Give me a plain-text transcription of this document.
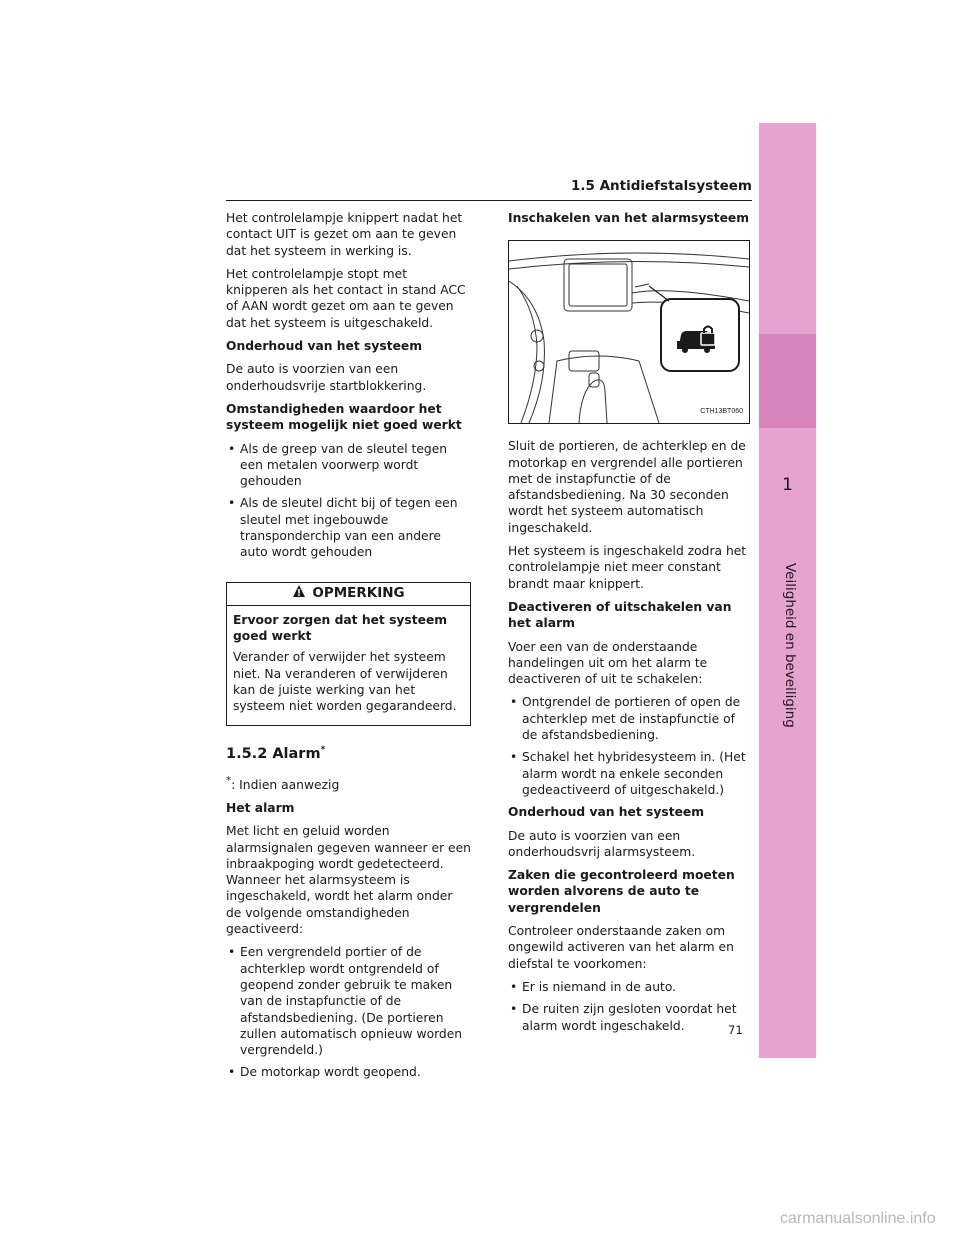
1
Veiligheid en beveiliging
1.5 Antidiefstalsysteem

Het controlelampje knippert nadat het contact UIT is gezet om aan te geven dat het systeem in werking is.

Het controlelampje stopt met knipperen als het contact in stand ACC of AAN wordt gezet om aan te geven dat het systeem is uitgeschakeld.

Onderhoud van het systeem

De auto is voorzien van een onderhoudsvrije startblokkering.

Omstandigheden waardoor het systeem mogelijk niet goed werkt

• Als de greep van de sleutel tegen een metalen voorwerp wordt gehouden
• Als de sleutel dicht bij of tegen een sleutel met ingebouwde transponderchip van een andere auto wordt gehouden
OPMERKING

Ervoor zorgen dat het systeem goed werkt

Verander of verwijder het systeem niet. Na veranderen of verwijderen kan de juiste werking van het systeem niet worden gegarandeerd.

1.5.2 Alarm*

*: Indien aanwezig

Het alarm

Met licht en geluid worden alarmsignalen gegeven wanneer er een inbraakpoging wordt gedetecteerd. Wanneer het alarmsysteem is ingeschakeld, wordt het alarm onder de volgende omstandigheden geactiveerd:

• Een vergrendeld portier of de achterklep wordt ontgrendeld of geopend zonder gebruik te maken van de instapfunctie of de afstandsbediening. (De portieren zullen automatisch opnieuw worden vergrendeld.)
• De motorkap wordt geopend.

Inschakelen van het alarmsysteem

CTH13BT060

Sluit de portieren, de achterklep en de motorkap en vergrendel alle portieren met de instapfunctie of de afstandsbediening. Na 30 seconden wordt het systeem automatisch ingeschakeld.

Het systeem is ingeschakeld zodra het controlelampje niet meer constant brandt maar knippert.

Deactiveren of uitschakelen van het alarm

Voer een van de onderstaande handelingen uit om het alarm te deactiveren of uit te schakelen:

• Ontgrendel de portieren of open de achterklep met de instapfunctie of de afstandsbediening.
• Schakel het hybridesysteem in. (Het alarm wordt na enkele seconden gedeactiveerd of uitgeschakeld.)

Onderhoud van het systeem

De auto is voorzien van een onderhoudsvrij alarmsysteem.

Zaken die gecontroleerd moeten worden alvorens de auto te vergrendelen

Controleer onderstaande zaken om ongewild activeren van het alarm en diefstal te voorkomen:

• Er is niemand in de auto.
• De ruiten zijn gesloten voordat het alarm wordt ingeschakeld.	71
carmanualsonline.info
